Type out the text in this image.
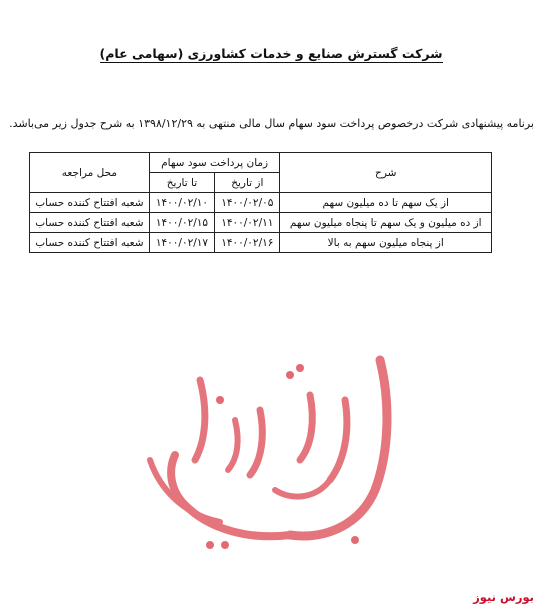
شرکت گسترش صنایع و خدمات کشاورزی (سهامی عام)
برنامه پیشنهادی شرکت درخصوص پرداخت سود سهام سال مالی منتهی به ۱۳۹۸/۱۲/۲۹ به شرح جدول زیر می‌باشد.
شرح	زمان پرداخت سود سهام		محل مراجعه
	از تاریخ	تا تاریخ	
از یک سهم تا ده میلیون سهم	۱۴۰۰/۰۲/۰۵	۱۴۰۰/۰۲/۱۰	شعبه افتتاح کننده حساب
از ده میلیون و یک سهم تا پنجاه میلیون سهم	۱۴۰۰/۰۲/۱۱	۱۴۰۰/۰۲/۱۵	شعبه افتتاح کننده حساب
از پنجاه میلیون سهم به بالا	۱۴۰۰/۰۲/۱۶	۱۴۰۰/۰۲/۱۷	شعبه افتتاح کننده حساب
بورس نیوز
